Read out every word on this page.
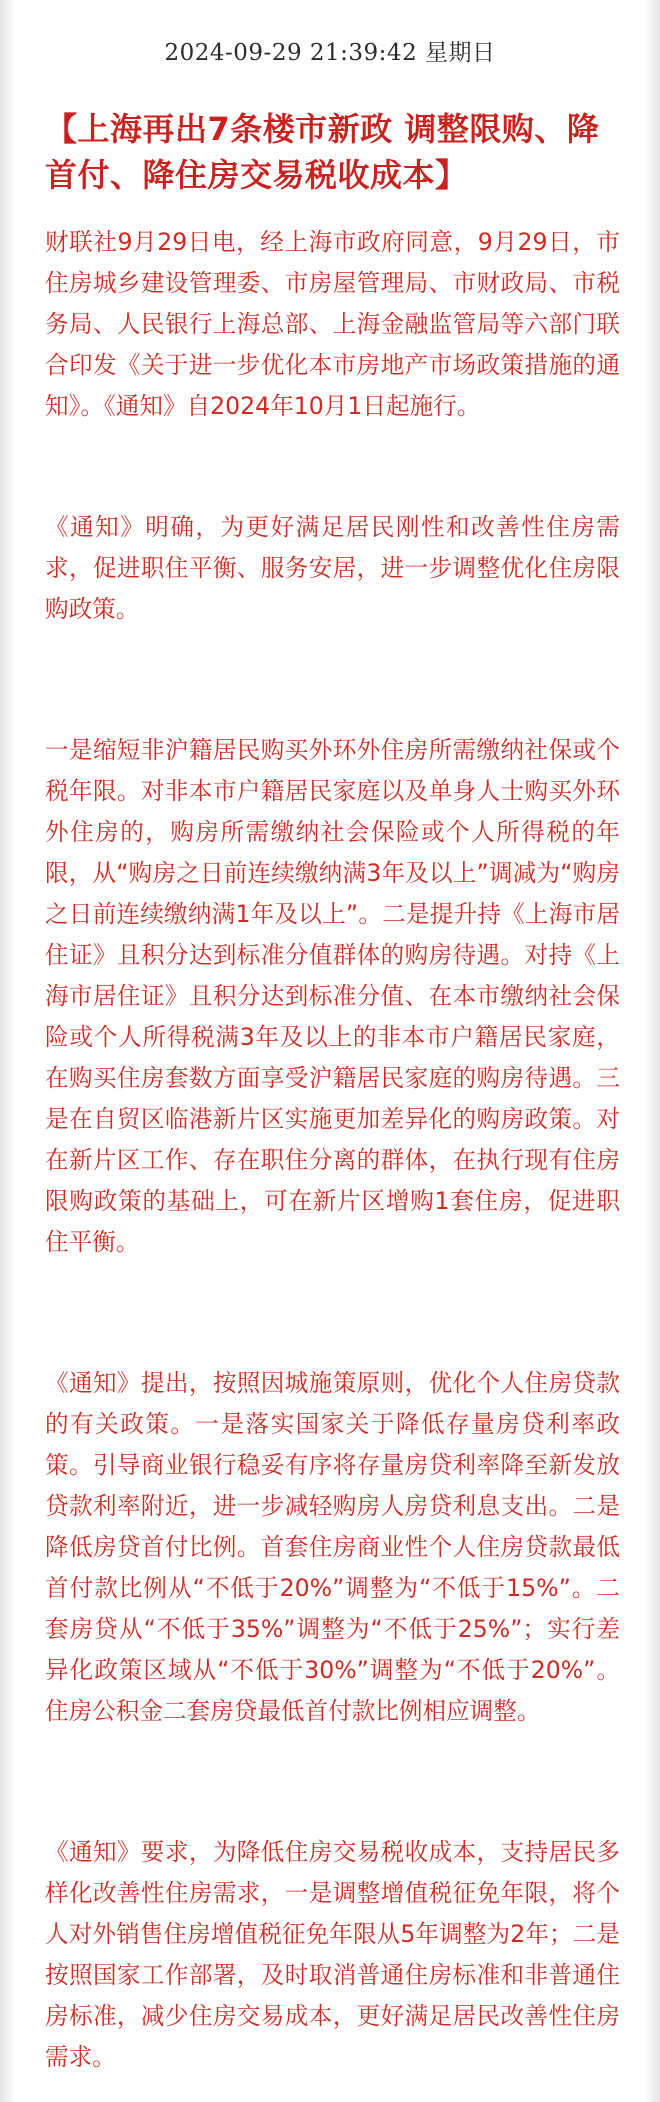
2024-09-29 21:39:42 星期日
【上海再出7条楼市新政 调整限购、降首付、降住房交易税收成本】

财联社9月29日电，经上海市政府同意，9月29日，市住房城乡建设管理委、市房屋管理局、市财政局、市税务局、人民银行上海总部、上海金融监管局等六部门联合印发《关于进一步优化本市房地产市场政策措施的通知》。《通知》自2024年10月1日起施行。

《通知》明确，为更好满足居民刚性和改善性住房需求，促进职住平衡、服务安居，进一步调整优化住房限购政策。

一是缩短非沪籍居民购买外环外住房所需缴纳社保或个税年限。对非本市户籍居民家庭以及单身人士购买外环外住房的，购房所需缴纳社会保险或个人所得税的年限，从“购房之日前连续缴纳满3年及以上”调减为“购房之日前连续缴纳满1年及以上”。二是提升持《上海市居住证》且积分达到标准分值群体的购房待遇。对持《上海市居住证》且积分达到标准分值、在本市缴纳社会保险或个人所得税满3年及以上的非本市户籍居民家庭，在购买住房套数方面享受沪籍居民家庭的购房待遇。三是在自贸区临港新片区实施更加差异化的购房政策。对在新片区工作、存在职住分离的群体，在执行现有住房限购政策的基础上，可在新片区增购1套住房，促进职住平衡。

《通知》提出，按照因城施策原则，优化个人住房贷款的有关政策。一是落实国家关于降低存量房贷利率政策。引导商业银行稳妥有序将存量房贷利率降至新发放贷款利率附近，进一步减轻购房人房贷利息支出。二是降低房贷首付比例。首套住房商业性个人住房贷款最低首付款比例从“不低于20%”调整为“不低于15%”。二套房贷从“不低于35%”调整为“不低于25%”；实行差异化政策区域从“不低于30%”调整为“不低于20%”。住房公积金二套房贷最低首付款比例相应调整。

《通知》要求，为降低住房交易税收成本，支持居民多样化改善性住房需求，一是调整增值税征免年限，将个人对外销售住房增值税征免年限从5年调整为2年；二是按照国家工作部署，及时取消普通住房标准和非普通住房标准，减少住房交易成本，更好满足居民改善性住房需求。
